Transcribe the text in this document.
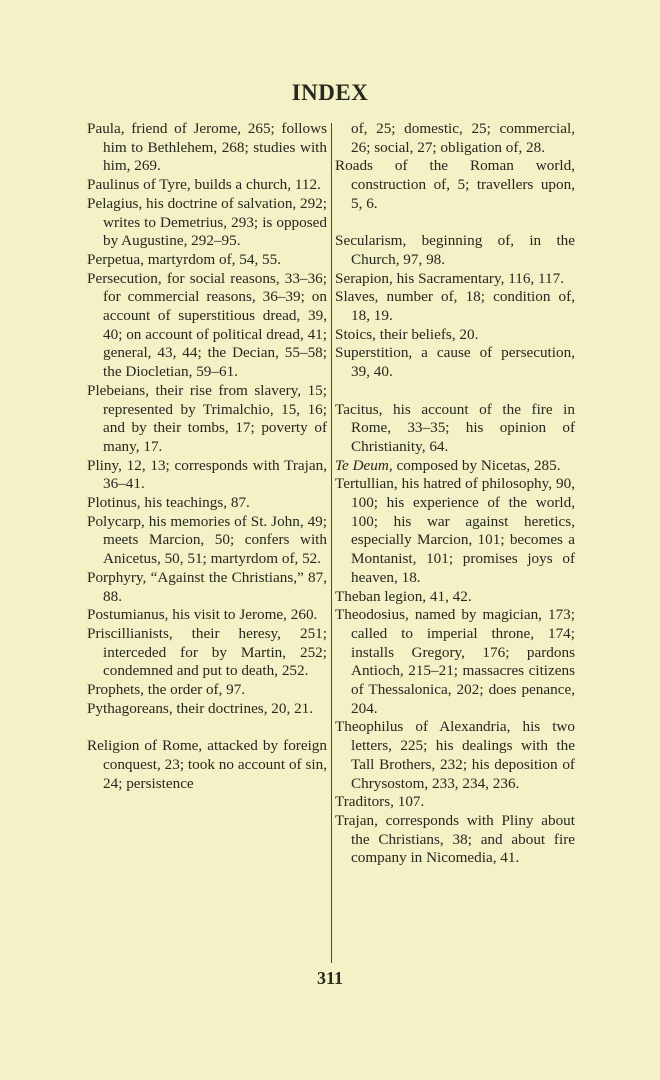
INDEX
Paula, friend of Jerome, 265; follows him to Bethlehem, 268; studies with him, 269.
Paulinus of Tyre, builds a church, 112.
Pelagius, his doctrine of salvation, 292; writes to Demetrius, 293; is opposed by Augustine, 292–95.
Perpetua, martyrdom of, 54, 55.
Persecution, for social reasons, 33–36; for commercial reasons, 36–39; on account of superstitious dread, 39, 40; on account of political dread, 41; general, 43, 44; the Decian, 55–58; the Diocletian, 59–61.
Plebeians, their rise from slavery, 15; represented by Trimalchio, 15, 16; and by their tombs, 17; poverty of many, 17.
Pliny, 12, 13; corresponds with Trajan, 36–41.
Plotinus, his teachings, 87.
Polycarp, his memories of St. John, 49; meets Marcion, 50; confers with Anicetus, 50, 51; martyrdom of, 52.
Porphyry, “Against the Christians,” 87, 88.
Postumianus, his visit to Jerome, 260.
Priscillianists, their heresy, 251; interceded for by Martin, 252; condemned and put to death, 252.
Prophets, the order of, 97.
Pythagoreans, their doctrines, 20, 21.
Religion of Rome, attacked by foreign conquest, 23; took no account of sin, 24; persistence
of, 25; domestic, 25; commercial, 26; social, 27; obligation of, 28.
Roads of the Roman world, construction of, 5; travellers upon, 5, 6.
Secularism, beginning of, in the Church, 97, 98.
Serapion, his Sacramentary, 116, 117.
Slaves, number of, 18; condition of, 18, 19.
Stoics, their beliefs, 20.
Superstition, a cause of persecution, 39, 40.
Tacitus, his account of the fire in Rome, 33–35; his opinion of Christianity, 64.
Te Deum, composed by Nicetas, 285.
Tertullian, his hatred of philosophy, 90, 100; his experience of the world, 100; his war against heretics, especially Marcion, 101; becomes a Montanist, 101; promises joys of heaven, 18.
Theban legion, 41, 42.
Theodosius, named by magician, 173; called to imperial throne, 174; installs Gregory, 176; pardons Antioch, 215–21; massacres citizens of Thessalonica, 202; does penance, 204.
Theophilus of Alexandria, his two letters, 225; his dealings with the Tall Brothers, 232; his deposition of Chrysostom, 233, 234, 236.
Traditors, 107.
Trajan, corresponds with Pliny about the Christians, 38; and about fire company in Nicomedia, 41.
311
